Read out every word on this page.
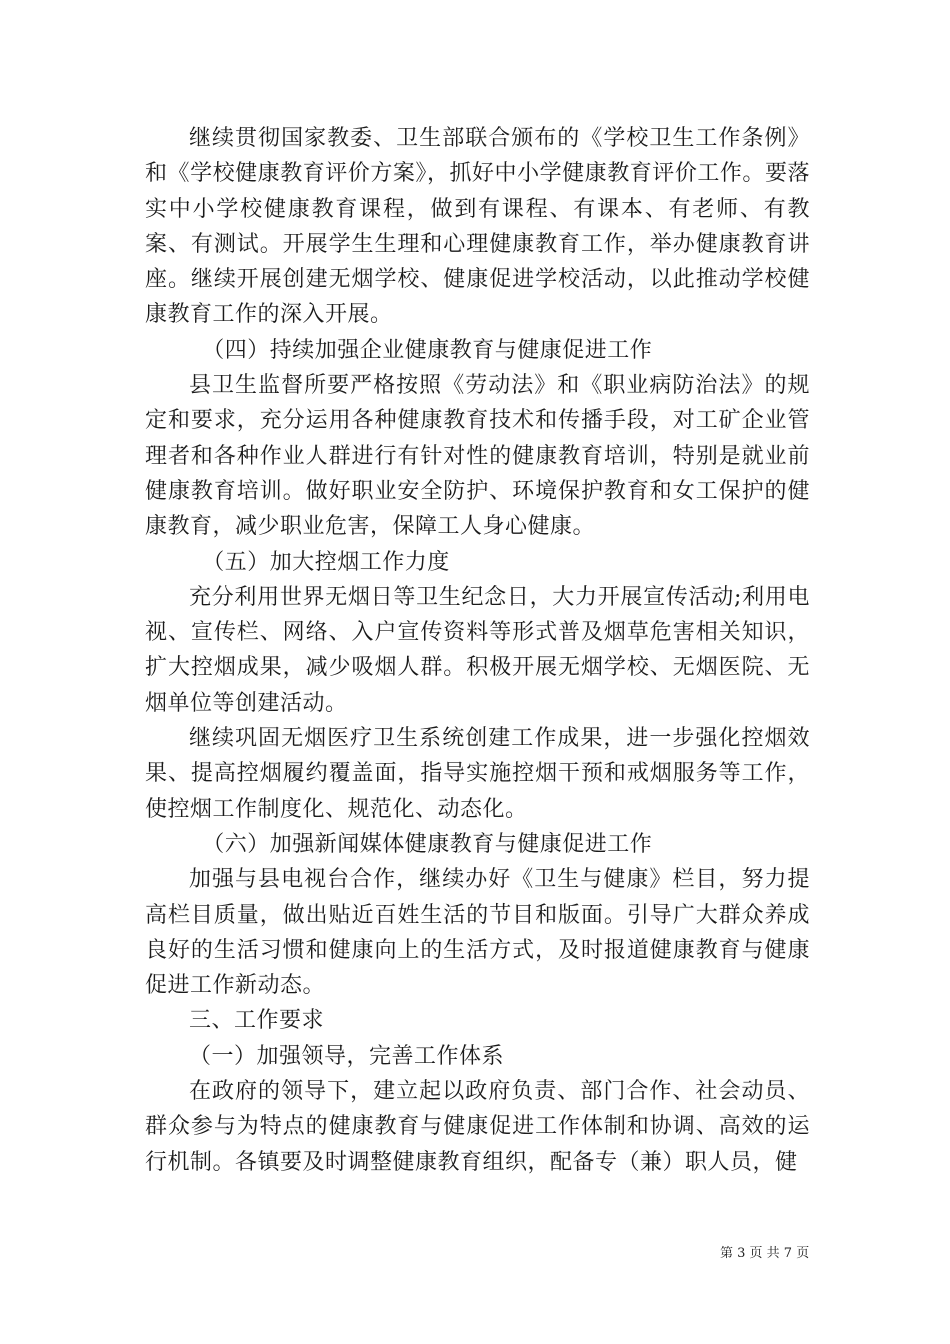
继续贯彻国家教委、卫生部联合颁布的《学校卫生工作条例》和《学校健康教育评价方案》，抓好中小学健康教育评价工作。要落实中小学校健康教育课程，做到有课程、有课本、有老师、有教案、有测试。开展学生生理和心理健康教育工作，举办健康教育讲座。继续开展创建无烟学校、健康促进学校活动，以此推动学校健康教育工作的深入开展。

（四）持续加强企业健康教育与健康促进工作

县卫生监督所要严格按照《劳动法》和《职业病防治法》的规定和要求，充分运用各种健康教育技术和传播手段，对工矿企业管理者和各种作业人群进行有针对性的健康教育培训，特别是就业前健康教育培训。做好职业安全防护、环境保护教育和女工保护的健康教育，减少职业危害，保障工人身心健康。

（五）加大控烟工作力度

充分利用世界无烟日等卫生纪念日，大力开展宣传活动;利用电视、宣传栏、网络、入户宣传资料等形式普及烟草危害相关知识，扩大控烟成果，减少吸烟人群。积极开展无烟学校、无烟医院、无烟单位等创建活动。

继续巩固无烟医疗卫生系统创建工作成果，进一步强化控烟效果、提高控烟履约覆盖面，指导实施控烟干预和戒烟服务等工作，使控烟工作制度化、规范化、动态化。

（六）加强新闻媒体健康教育与健康促进工作

加强与县电视台合作，继续办好《卫生与健康》栏目，努力提高栏目质量，做出贴近百姓生活的节目和版面。引导广大群众养成良好的生活习惯和健康向上的生活方式，及时报道健康教育与健康促进工作新动态。

三、工作要求

（一）加强领导，完善工作体系

在政府的领导下，建立起以政府负责、部门合作、社会动员、群众参与为特点的健康教育与健康促进工作体制和协调、高效的运行机制。各镇要及时调整健康教育组织，配备专（兼）职人员，健

第 3 页 共 7 页
